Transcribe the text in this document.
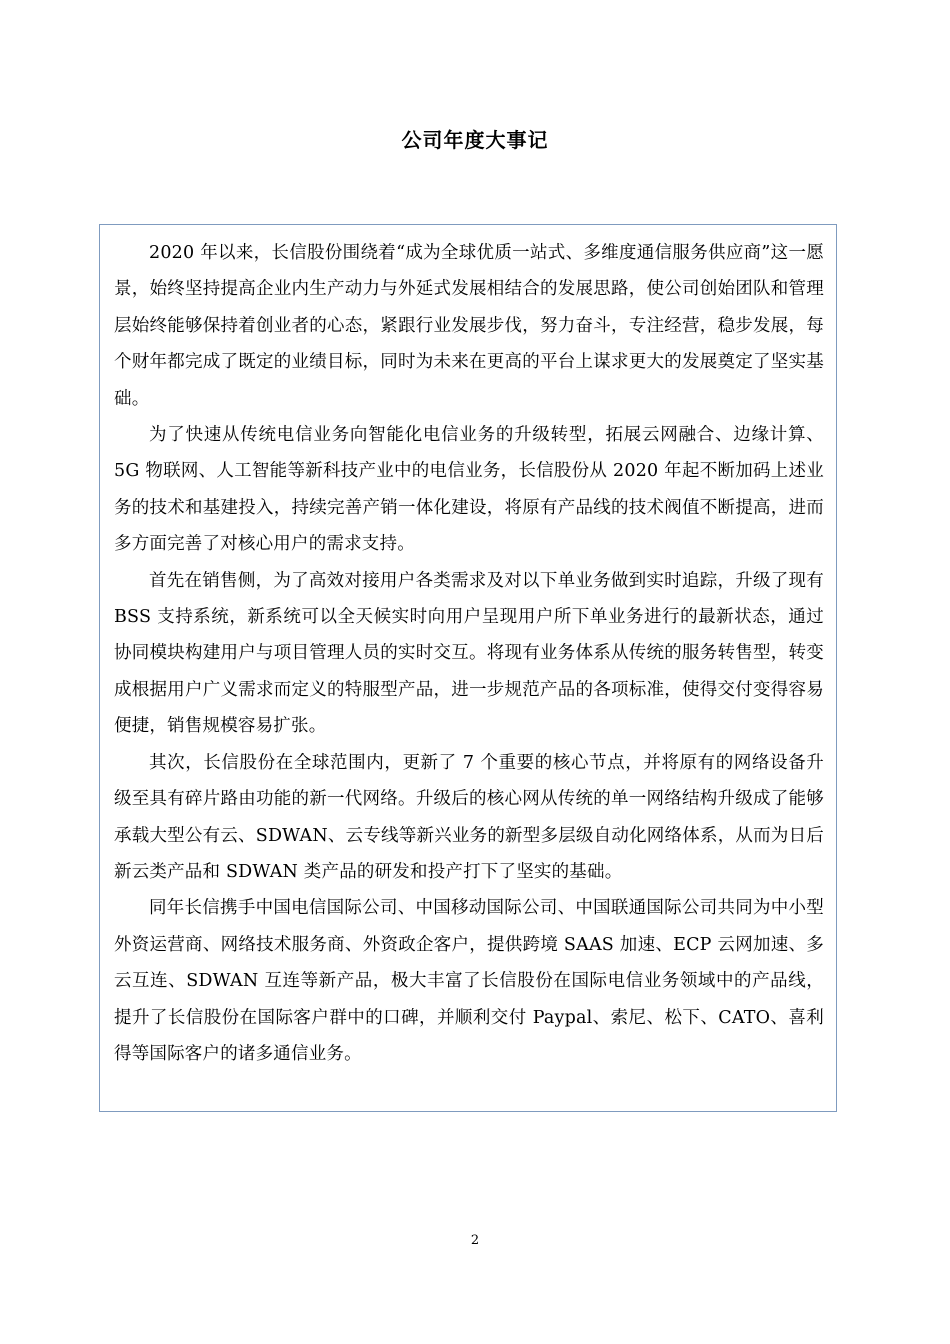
公司年度大事记

2020 年以来，长信股份围绕着“成为全球优质一站式、多维度通信服务供应商”这一愿景，始终坚持提高企业内生产动力与外延式发展相结合的发展思路，使公司创始团队和管理层始终能够保持着创业者的心态，紧跟行业发展步伐，努力奋斗，专注经营，稳步发展，每个财年都完成了既定的业绩目标，同时为未来在更高的平台上谋求更大的发展奠定了坚实基础。

为了快速从传统电信业务向智能化电信业务的升级转型，拓展云网融合、边缘计算、5G 物联网、人工智能等新科技产业中的电信业务，长信股份从 2020 年起不断加码上述业务的技术和基建投入，持续完善产销一体化建设，将原有产品线的技术阀值不断提高，进而多方面完善了对核心用户的需求支持。

首先在销售侧，为了高效对接用户各类需求及对以下单业务做到实时追踪，升级了现有 BSS 支持系统，新系统可以全天候实时向用户呈现用户所下单业务进行的最新状态，通过协同模块构建用户与项目管理人员的实时交互。将现有业务体系从传统的服务转售型，转变成根据用户广义需求而定义的特服型产品，进一步规范产品的各项标准，使得交付变得容易便捷，销售规模容易扩张。

其次，长信股份在全球范围内，更新了 7 个重要的核心节点，并将原有的网络设备升级至具有碎片路由功能的新一代网络。升级后的核心网从传统的单一网络结构升级成了能够承载大型公有云、SDWAN、云专线等新兴业务的新型多层级自动化网络体系，从而为日后新云类产品和 SDWAN 类产品的研发和投产打下了坚实的基础。

同年长信携手中国电信国际公司、中国移动国际公司、中国联通国际公司共同为中小型外资运营商、网络技术服务商、外资政企客户，提供跨境 SAAS 加速、ECP 云网加速、多云互连、SDWAN 互连等新产品，极大丰富了长信股份在国际电信业务领域中的产品线，提升了长信股份在国际客户群中的口碑，并顺利交付 Paypal、索尼、松下、CATO、喜利得等国际客户的诸多通信业务。

2
